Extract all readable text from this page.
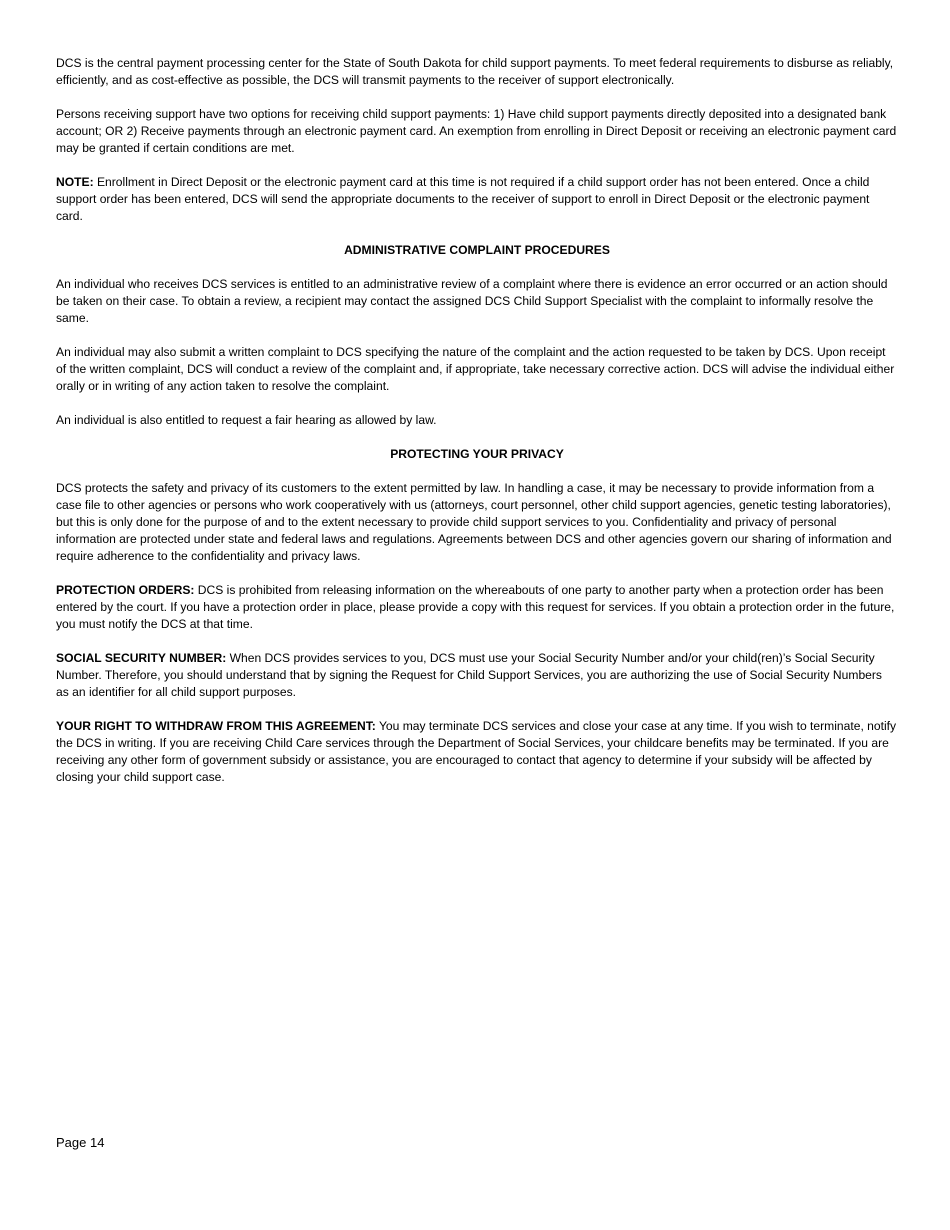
DCS is the central payment processing center for the State of South Dakota for child support payments. To meet federal requirements to disburse as reliably, efficiently, and as cost-effective as possible, the DCS will transmit payments to the receiver of support electronically.

Persons receiving support have two options for receiving child support payments: 1) Have child support payments directly deposited into a designated bank account; OR 2) Receive payments through an electronic payment card. An exemption from enrolling in Direct Deposit or receiving an electronic payment card may be granted if certain conditions are met.

NOTE: Enrollment in Direct Deposit or the electronic payment card at this time is not required if a child support order has not been entered. Once a child support order has been entered, DCS will send the appropriate documents to the receiver of support to enroll in Direct Deposit or the electronic payment card.

ADMINISTRATIVE COMPLAINT PROCEDURES

An individual who receives DCS services is entitled to an administrative review of a complaint where there is evidence an error occurred or an action should be taken on their case. To obtain a review, a recipient may contact the assigned DCS Child Support Specialist with the complaint to informally resolve the same.

An individual may also submit a written complaint to DCS specifying the nature of the complaint and the action requested to be taken by DCS. Upon receipt of the written complaint, DCS will conduct a review of the complaint and, if appropriate, take necessary corrective action. DCS will advise the individual either orally or in writing of any action taken to resolve the complaint.

An individual is also entitled to request a fair hearing as allowed by law.

PROTECTING YOUR PRIVACY

DCS protects the safety and privacy of its customers to the extent permitted by law. In handling a case, it may be necessary to provide information from a case file to other agencies or persons who work cooperatively with us (attorneys, court personnel, other child support agencies, genetic testing laboratories), but this is only done for the purpose of and to the extent necessary to provide child support services to you. Confidentiality and privacy of personal information are protected under state and federal laws and regulations. Agreements between DCS and other agencies govern our sharing of information and require adherence to the confidentiality and privacy laws.

PROTECTION ORDERS: DCS is prohibited from releasing information on the whereabouts of one party to another party when a protection order has been entered by the court. If you have a protection order in place, please provide a copy with this request for services. If you obtain a protection order in the future, you must notify the DCS at that time.

SOCIAL SECURITY NUMBER: When DCS provides services to you, DCS must use your Social Security Number and/or your child(ren)’s Social Security Number. Therefore, you should understand that by signing the Request for Child Support Services, you are authorizing the use of Social Security Numbers as an identifier for all child support purposes.

YOUR RIGHT TO WITHDRAW FROM THIS AGREEMENT: You may terminate DCS services and close your case at any time. If you wish to terminate, notify the DCS in writing. If you are receiving Child Care services through the Department of Social Services, your childcare benefits may be terminated. If you are receiving any other form of government subsidy or assistance, you are encouraged to contact that agency to determine if your subsidy will be affected by closing your child support case.

Page 14
